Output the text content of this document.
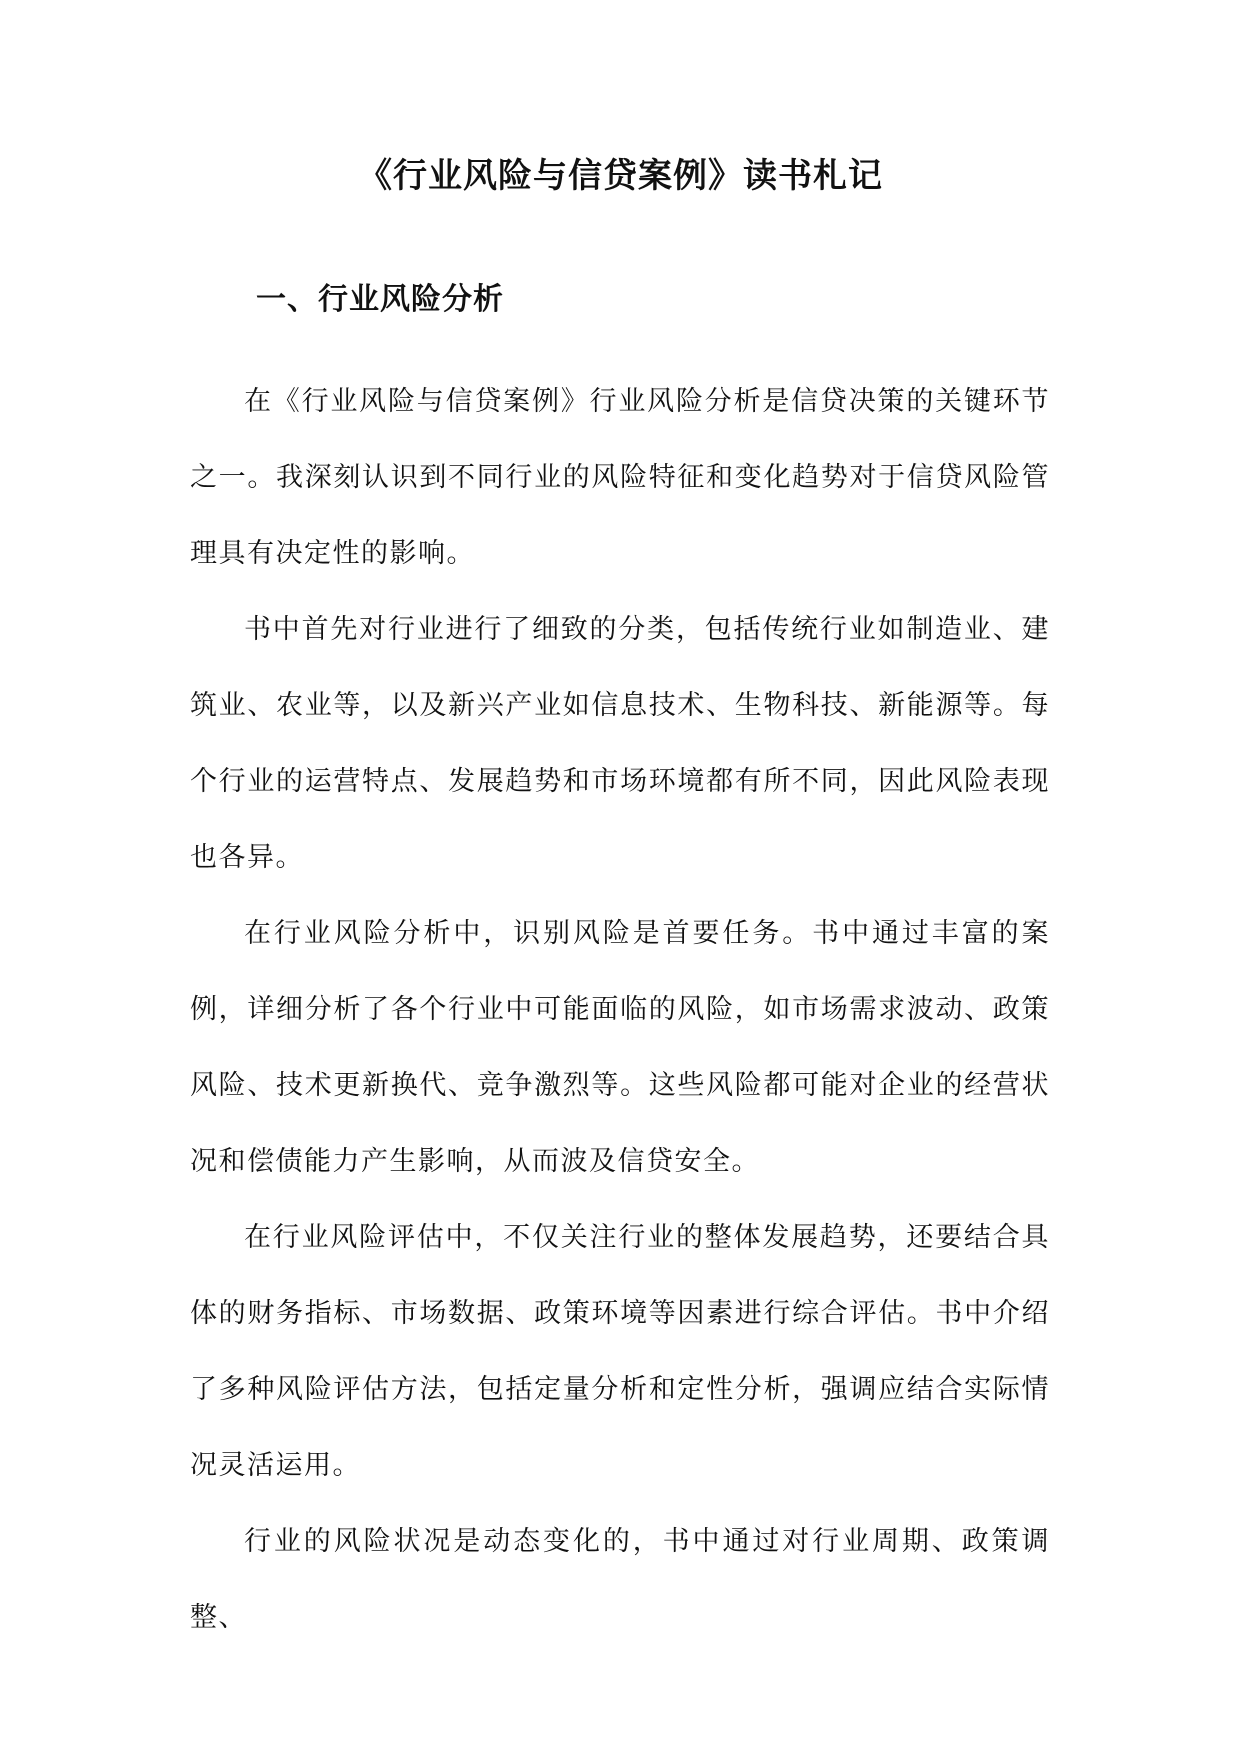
《行业风险与信贷案例》读书札记
一、行业风险分析

在《行业风险与信贷案例》行业风险分析是信贷决策的关键环节之一。我深刻认识到不同行业的风险特征和变化趋势对于信贷风险管理具有决定性的影响。

书中首先对行业进行了细致的分类，包括传统行业如制造业、建筑业、农业等，以及新兴产业如信息技术、生物科技、新能源等。每个行业的运营特点、发展趋势和市场环境都有所不同，因此风险表现也各异。

在行业风险分析中，识别风险是首要任务。书中通过丰富的案例，详细分析了各个行业中可能面临的风险，如市场需求波动、政策风险、技术更新换代、竞争激烈等。这些风险都可能对企业的经营状况和偿债能力产生影响，从而波及信贷安全。

在行业风险评估中，不仅关注行业的整体发展趋势，还要结合具体的财务指标、市场数据、政策环境等因素进行综合评估。书中介绍了多种风险评估方法，包括定量分析和定性分析，强调应结合实际情况灵活运用。

行业的风险状况是动态变化的，书中通过对行业周期、政策调整、
